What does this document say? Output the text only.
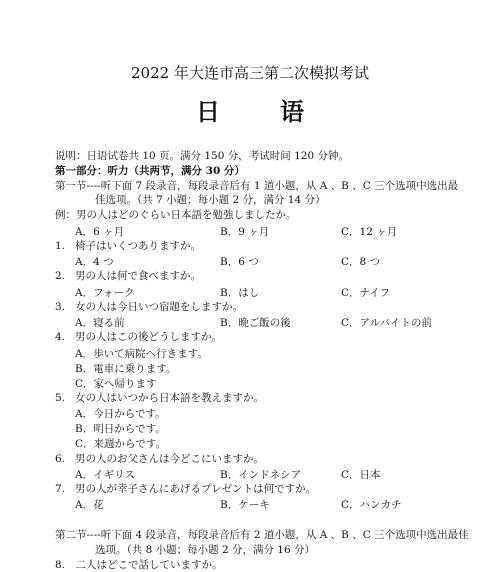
2022 年大连市高三第二次模拟考试
日　语
说明：日语试卷共 10 页。满分 150 分，考试时间 120 分钟。
第一部分：听力（共两节，满分 30 分）
第一节----听下面 7 段录音，每段录音后有 1 道小题，从 A 、B 、C 三个选项中选出最
佳选项。（共 7 小题；每小题 2 分，满分 14 分）
例：男の人はどのぐらい日本語を勉強しましたか。
A．6 ヶ月	B．9 ヶ月	C．12 ヶ月
1. 椅子はいくつありますか。
A．4 つ	B．6 つ	C．8 つ
2. 男の人は何で食べますか。
A．フォーク	B．はし	C．ナイフ
3. 女の人は今日いつ宿題をしますか。
A．寝る前	B．晩ご飯の後	C．アルバイトの前
4. 男の人はこの後どうしますか。
A．歩いて病院へ行きます。
B．電車に乗ります。
C．家へ帰ります
5. 女の人はいつから日本語を教えますか。
A．今日からです。
B．明日からです。
C．来週からです。
6. 男の人のお父さんは今どこにいますか。
A．イギリス	B．インドネシア	C．日本
7. 男の人が幸子さんにあげるプレゼントは何ですか。
A．花	B．ケーキ	C．ハンカチ
第二节----听下面 4 段录音，每段录音后有 2 道小题，从 A 、B 、C 三个选项中选出最佳
选项。（共 8 小题；每小题 2 分，满分 16 分）
8.　二人はどこで話していますか。
